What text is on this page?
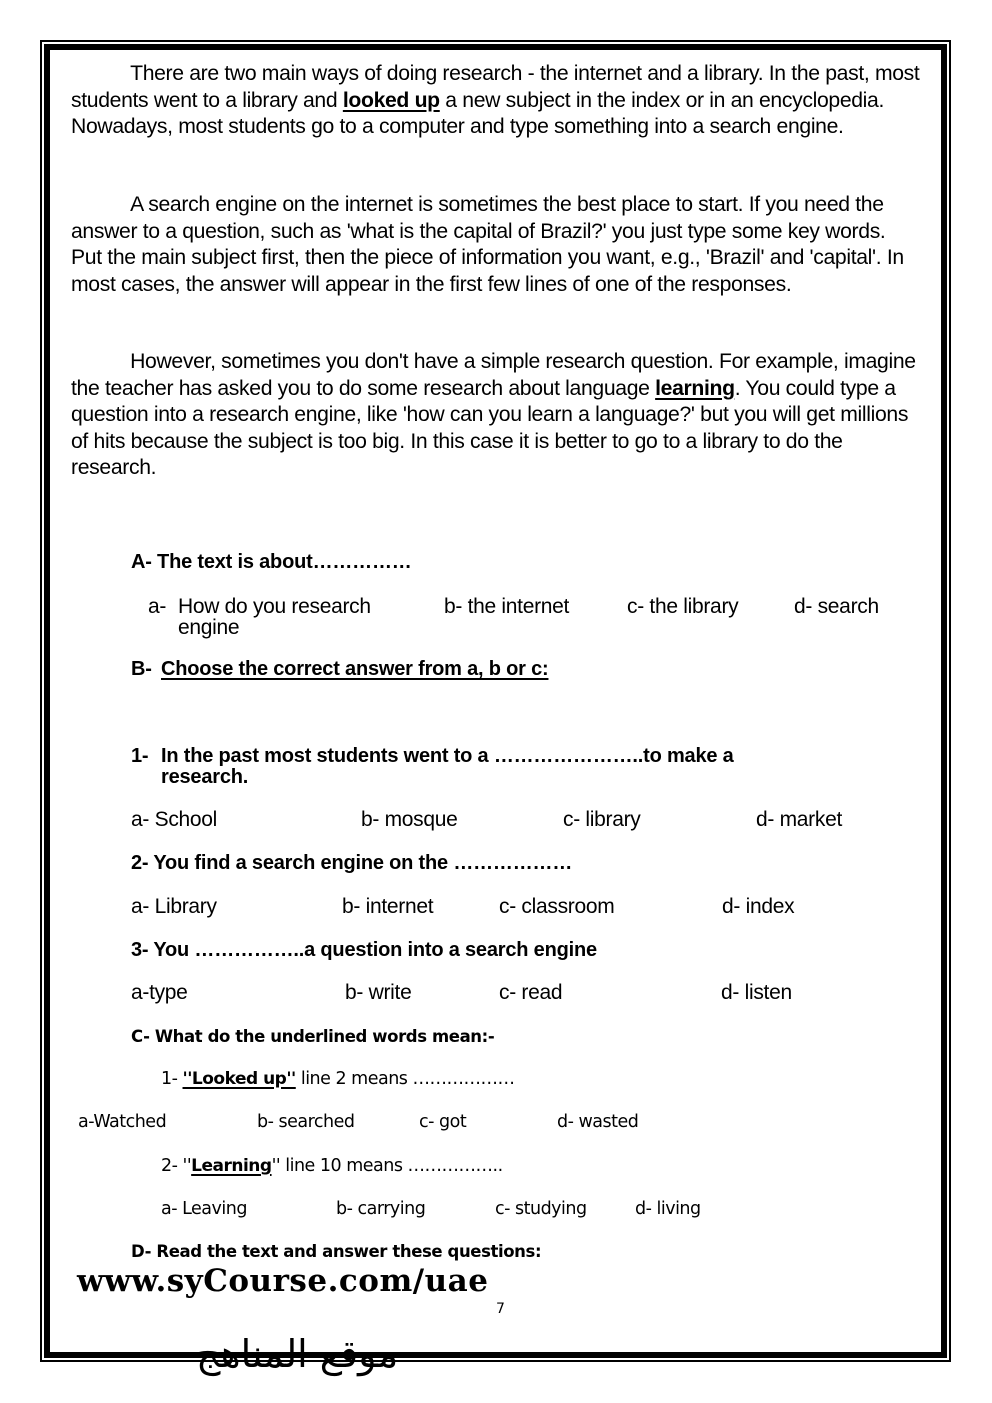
There are two main ways of doing research - the internet and a library. In the past, most students went to a library and looked up a new subject in the index or in an encyclopedia. Nowadays, most students go to a computer and type something into a search engine.
A search engine on the internet is sometimes the best place to start. If you need the answer to a question, such as 'what is the capital of Brazil?' you just type some key words. Put the main subject first, then the piece of information you want, e.g., 'Brazil' and 'capital'. In most cases, the answer will appear in the first few lines of one of the responses.
However, sometimes you don't have a simple research question. For example, imagine the teacher has asked you to do some research about language learning. You could type a question into a research engine, like 'how can you learn a language?' but you will get millions of hits because the subject is too big. In this case it is better to go to a library to do the research.
A- The text is about……………
a- How do you research	b- the internet	c- the library	d- search
engine
B- Choose the correct answer from a, b or c:
1- In the past most students went to a …………………..to make a
research.
a- School	b- mosque	c- library	d- market
2- You find a search engine on the ………………
a- Library	b- internet	c- classroom	d- index
3- You ……………..a question into a search engine
a-type	b- write	c- read	d- listen
C- What do the underlined words mean:-
1- ''Looked up'' line 2 means ………………
a-Watched	b- searched	c- got	d- wasted
2- ''Learning'' line 10 means ……………..
a- Leaving	b- carrying	c- studying	d- living
D- Read the text and answer these questions:
www.syCourse.com/uae
7
موقع المناهج
